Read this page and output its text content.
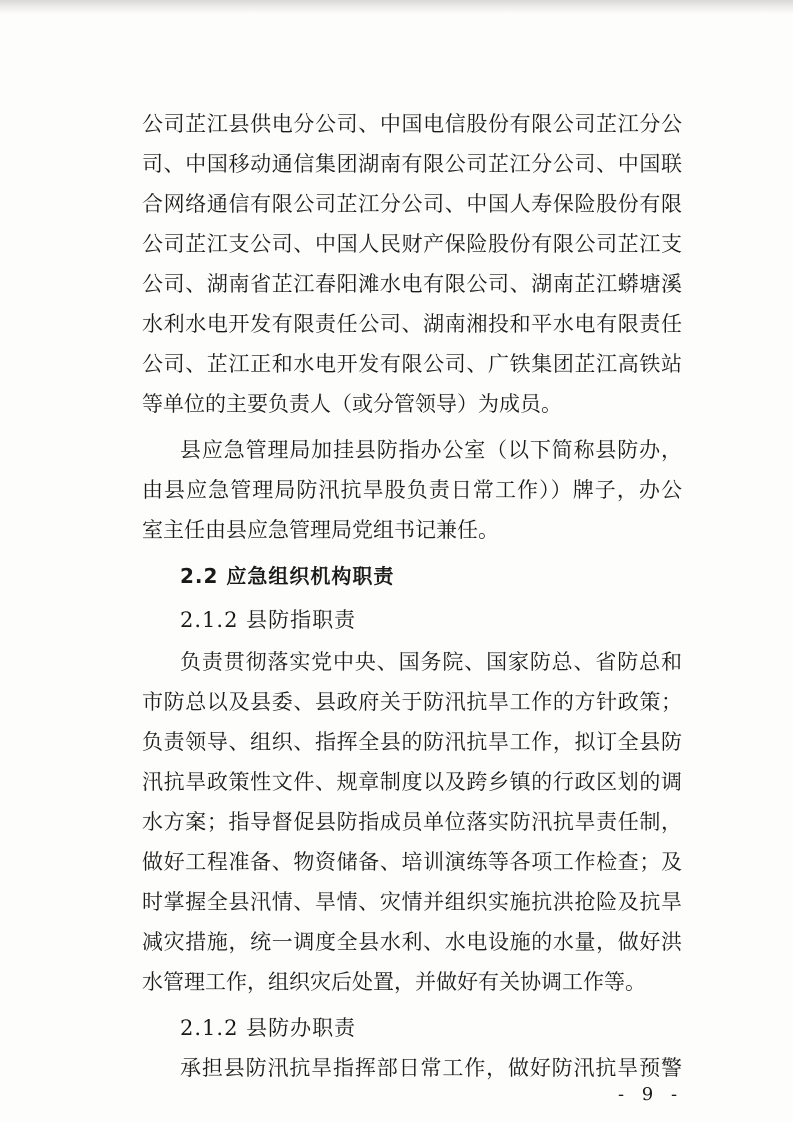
公司芷江县供电分公司、中国电信股份有限公司芷江分公
司、中国移动通信集团湖南有限公司芷江分公司、中国联
合网络通信有限公司芷江分公司、中国人寿保险股份有限
公司芷江支公司、中国人民财产保险股份有限公司芷江支
公司、湖南省芷江春阳滩水电有限公司、湖南芷江蟒塘溪
水利水电开发有限责任公司、湖南湘投和平水电有限责任
公司、芷江正和水电开发有限公司、广铁集团芷江高铁站
等单位的主要负责人（或分管领导）为成员。
县应急管理局加挂县防指办公室（以下简称县防办，
由县应急管理局防汛抗旱股负责日常工作））牌子，办公
室主任由县应急管理局党组书记兼任。
2.2 应急组织机构职责
2.1.2 县防指职责
负责贯彻落实党中央、国务院、国家防总、省防总和
市防总以及县委、县政府关于防汛抗旱工作的方针政策；
负责领导、组织、指挥全县的防汛抗旱工作，拟订全县防
汛抗旱政策性文件、规章制度以及跨乡镇的行政区划的调
水方案；指导督促县防指成员单位落实防汛抗旱责任制，
做好工程准备、物资储备、培训演练等各项工作检查；及
时掌握全县汛情、旱情、灾情并组织实施抗洪抢险及抗旱
减灾措施，统一调度全县水利、水电设施的水量，做好洪
水管理工作，组织灾后处置，并做好有关协调工作等。
2.1.2 县防办职责
承担县防汛抗旱指挥部日常工作，做好防汛抗旱预警
- 9 -
